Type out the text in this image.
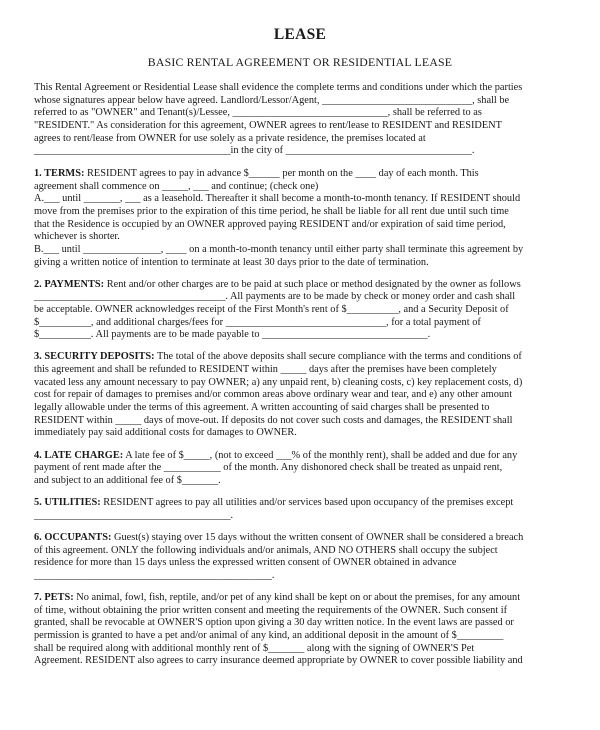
LEASE
BASIC RENTAL AGREEMENT OR RESIDENTIAL LEASE

This Rental Agreement or Residential Lease shall evidence the complete terms and conditions under which the parties
whose signatures appear below have agreed. Landlord/Lessor/Agent, _____________________________, shall be
referred to as "OWNER" and Tenant(s)/Lessee, ______________________________, shall be referred to as
"RESIDENT." As consideration for this agreement, OWNER agrees to rent/lease to RESIDENT and RESIDENT
agrees to rent/lease from OWNER for use solely as a private residence, the premises located at
______________________________________in the city of ____________________________________.

1. TERMS: RESIDENT agrees to pay in advance $______ per month on the ____ day of each month. This
agreement shall commence on _____, ___ and continue; (check one)
A.___ until _______, ___ as a leasehold. Thereafter it shall become a month-to-month tenancy. If RESIDENT should
move from the premises prior to the expiration of this time period, he shall be liable for all rent due until such time
that the Residence is occupied by an OWNER approved paying RESIDENT and/or expiration of said time period,
whichever is shorter.
B.___ until _______________, ____ on a month-to-month tenancy until either party shall terminate this agreement by
giving a written notice of intention to terminate at least 30 days prior to the date of termination.

2. PAYMENTS: Rent and/or other charges are to be paid at such place or method designated by the owner as follows
_____________________________________. All payments are to be made by check or money order and cash shall
be acceptable. OWNER acknowledges receipt of the First Month's rent of $__________, and a Security Deposit of
$__________, and additional charges/fees for _______________________________, for a total payment of
$__________. All payments are to be made payable to ________________________________.

3. SECURITY DEPOSITS: The total of the above deposits shall secure compliance with the terms and conditions of
this agreement and shall be refunded to RESIDENT within _____ days after the premises have been completely
vacated less any amount necessary to pay OWNER; a) any unpaid rent, b) cleaning costs, c) key replacement costs, d)
cost for repair of damages to premises and/or common areas above ordinary wear and tear, and e) any other amount
legally allowable under the terms of this agreement. A written accounting of said charges shall be presented to
RESIDENT within _____ days of move-out. If deposits do not cover such costs and damages, the RESIDENT shall
immediately pay said additional costs for damages to OWNER.

4. LATE CHARGE: A late fee of $_____, (not to exceed ___% of the monthly rent), shall be added and due for any
payment of rent made after the ___________ of the month. Any dishonored check shall be treated as unpaid rent,
and subject to an additional fee of $_______.

5. UTILITIES: RESIDENT agrees to pay all utilities and/or services based upon occupancy of the premises except
______________________________________.

6. OCCUPANTS: Guest(s) staying over 15 days without the written consent of OWNER shall be considered a breach
of this agreement. ONLY the following individuals and/or animals, AND NO OTHERS shall occupy the subject
residence for more than 15 days unless the expressed written consent of OWNER obtained in advance
______________________________________________.

7. PETS: No animal, fowl, fish, reptile, and/or pet of any kind shall be kept on or about the premises, for any amount
of time, without obtaining the prior written consent and meeting the requirements of the OWNER. Such consent if
granted, shall be revocable at OWNER'S option upon giving a 30 day written notice. In the event laws are passed or
permission is granted to have a pet and/or animal of any kind, an additional deposit in the amount of $_________
shall be required along with additional monthly rent of $_______ along with the signing of OWNER'S Pet
Agreement. RESIDENT also agrees to carry insurance deemed appropriate by OWNER to cover possible liability and
